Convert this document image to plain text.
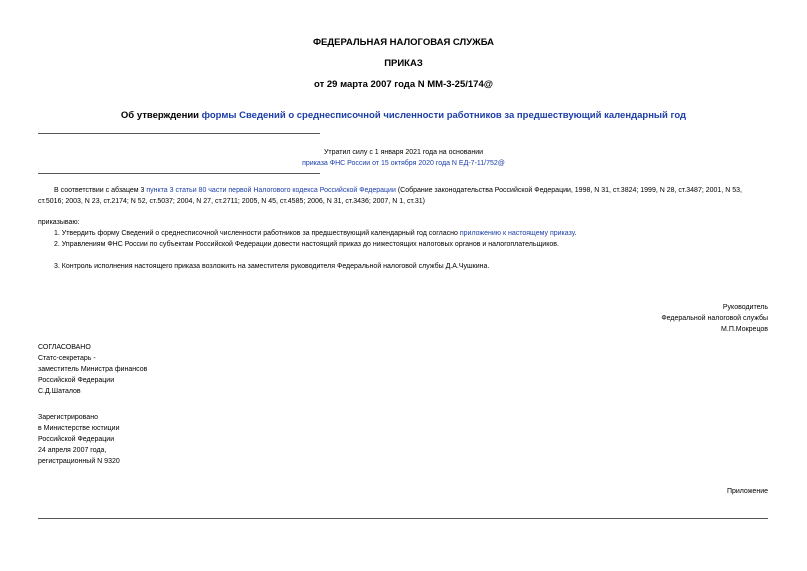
ФЕДЕРАЛЬНАЯ НАЛОГОВАЯ СЛУЖБА
ПРИКАЗ
от 29 марта 2007 года N ММ-3-25/174@
Об утверждении формы Сведений о среднесписочной численности работников за предшествующий календарный год
Утратил силу с 1 января 2021 года на основании
приказа ФНС России от 15 октября 2020 года N ЕД-7-11/752@
В соответствии с абзацем 3 пункта 3 статьи 80 части первой Налогового кодекса Российской Федерации (Собрание законодательства Российской Федерации, 1998, N 31, ст.3824; 1999, N 28, ст.3487; 2001, N 53,
ст.5016; 2003, N 23, ст.2174; N 52, ст.5037; 2004, N 27, ст.2711; 2005, N 45, ст.4585; 2006, N 31, ст.3436; 2007, N 1, ст.31)
приказываю:
1. Утвердить форму Сведений о среднесписочной численности работников за предшествующий календарный год согласно приложению к настоящему приказу.
2. Управлениям ФНС России по субъектам Российской Федерации довести настоящий приказ до нижестоящих налоговых органов и налогоплательщиков.
3. Контроль исполнения настоящего приказа возложить на заместителя руководителя Федеральной налоговой службы Д.А.Чушкина.
Руководитель
Федеральной налоговой службы
М.П.Мокрецов
СОГЛАСОВАНО
Статс-секретарь -
заместитель Министра финансов
Российской Федерации
С.Д.Шаталов
Зарегистрировано
в Министерстве юстиции
Российской Федерации
24 апреля 2007 года,
регистрационный N 9320
Приложение
